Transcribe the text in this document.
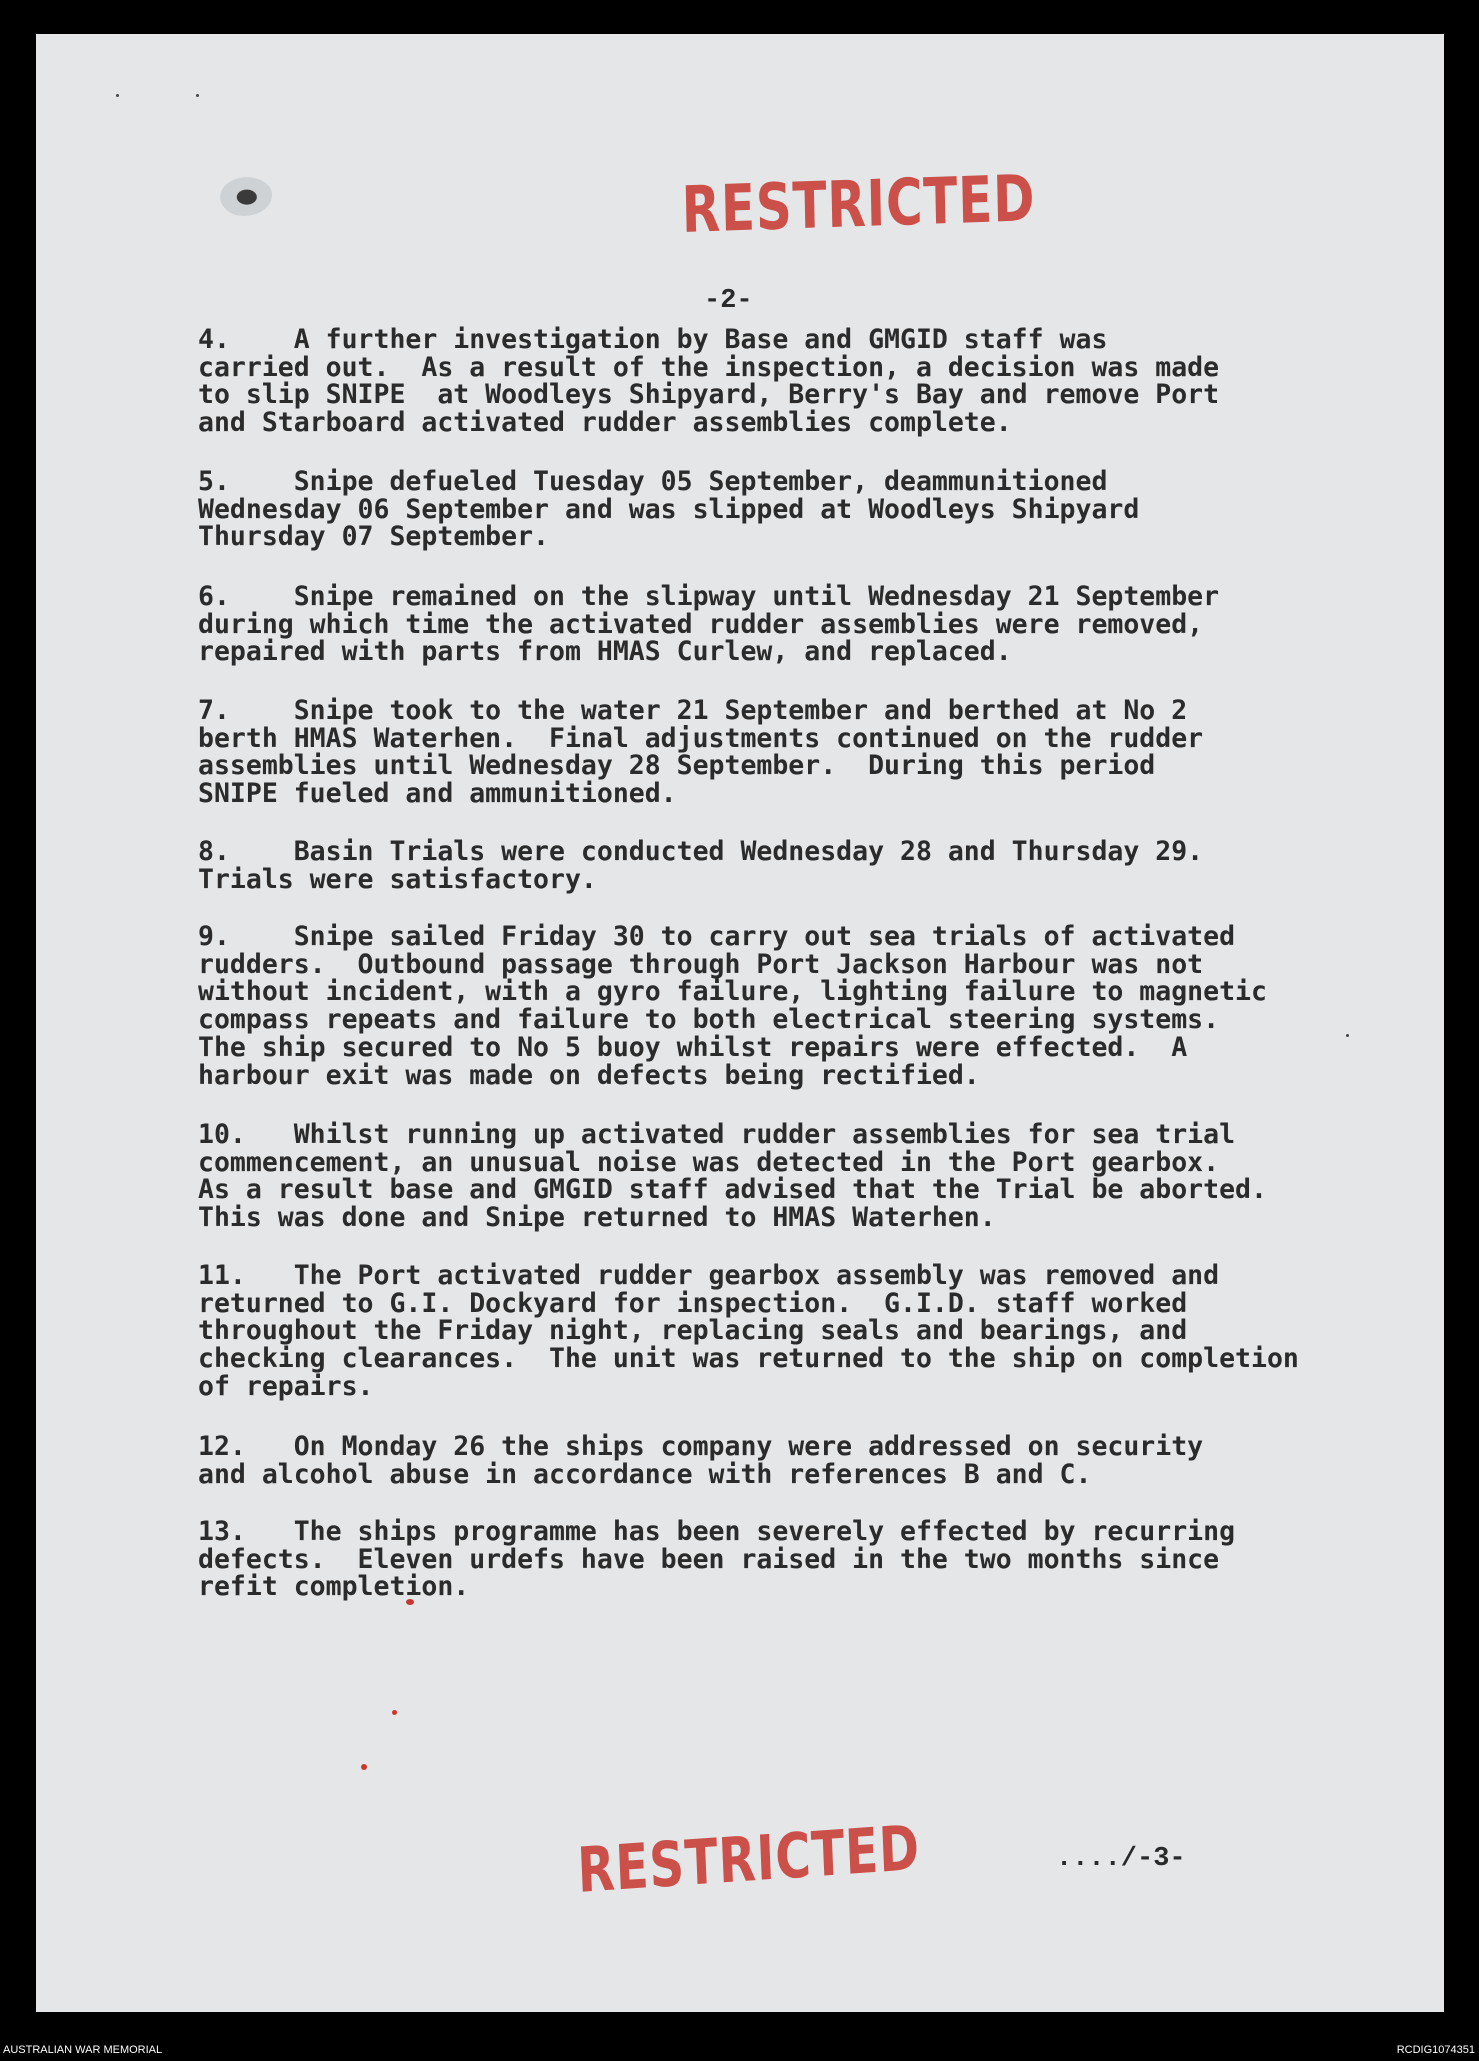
RESTRICTED
-2-
RESTRICTED	..../-3-
4.    A further investigation by Base and GMGID staff was
carried out.  As a result of the inspection, a decision was made
to slip SNIPE  at Woodleys Shipyard, Berry's Bay and remove Port
and Starboard activated rudder assemblies complete.
5.    Snipe defueled Tuesday 05 September, deammunitioned
Wednesday 06 September and was slipped at Woodleys Shipyard
Thursday 07 September.
6.    Snipe remained on the slipway until Wednesday 21 September
during which time the activated rudder assemblies were removed,
repaired with parts from HMAS Curlew, and replaced.
7.    Snipe took to the water 21 September and berthed at No 2
berth HMAS Waterhen.  Final adjustments continued on the rudder
assemblies until Wednesday 28 September.  During this period
SNIPE fueled and ammunitioned.
8.    Basin Trials were conducted Wednesday 28 and Thursday 29.
Trials were satisfactory.
9.    Snipe sailed Friday 30 to carry out sea trials of activated
rudders.  Outbound passage through Port Jackson Harbour was not
without incident, with a gyro failure, lighting failure to magnetic
compass repeats and failure to both electrical steering systems.
The ship secured to No 5 buoy whilst repairs were effected.  A
harbour exit was made on defects being rectified.
10.   Whilst running up activated rudder assemblies for sea trial
commencement, an unusual noise was detected in the Port gearbox.
As a result base and GMGID staff advised that the Trial be aborted.
This was done and Snipe returned to HMAS Waterhen.
11.   The Port activated rudder gearbox assembly was removed and
returned to G.I. Dockyard for inspection.  G.I.D. staff worked
throughout the Friday night, replacing seals and bearings, and
checking clearances.  The unit was returned to the ship on completion
of repairs.
12.   On Monday 26 the ships company were addressed on security
and alcohol abuse in accordance with references B and C.
13.   The ships programme has been severely effected by recurring
defects.  Eleven urdefs have been raised in the two months since
refit completion.
AUSTRALIAN WAR MEMORIAL	RCDIG1074351
